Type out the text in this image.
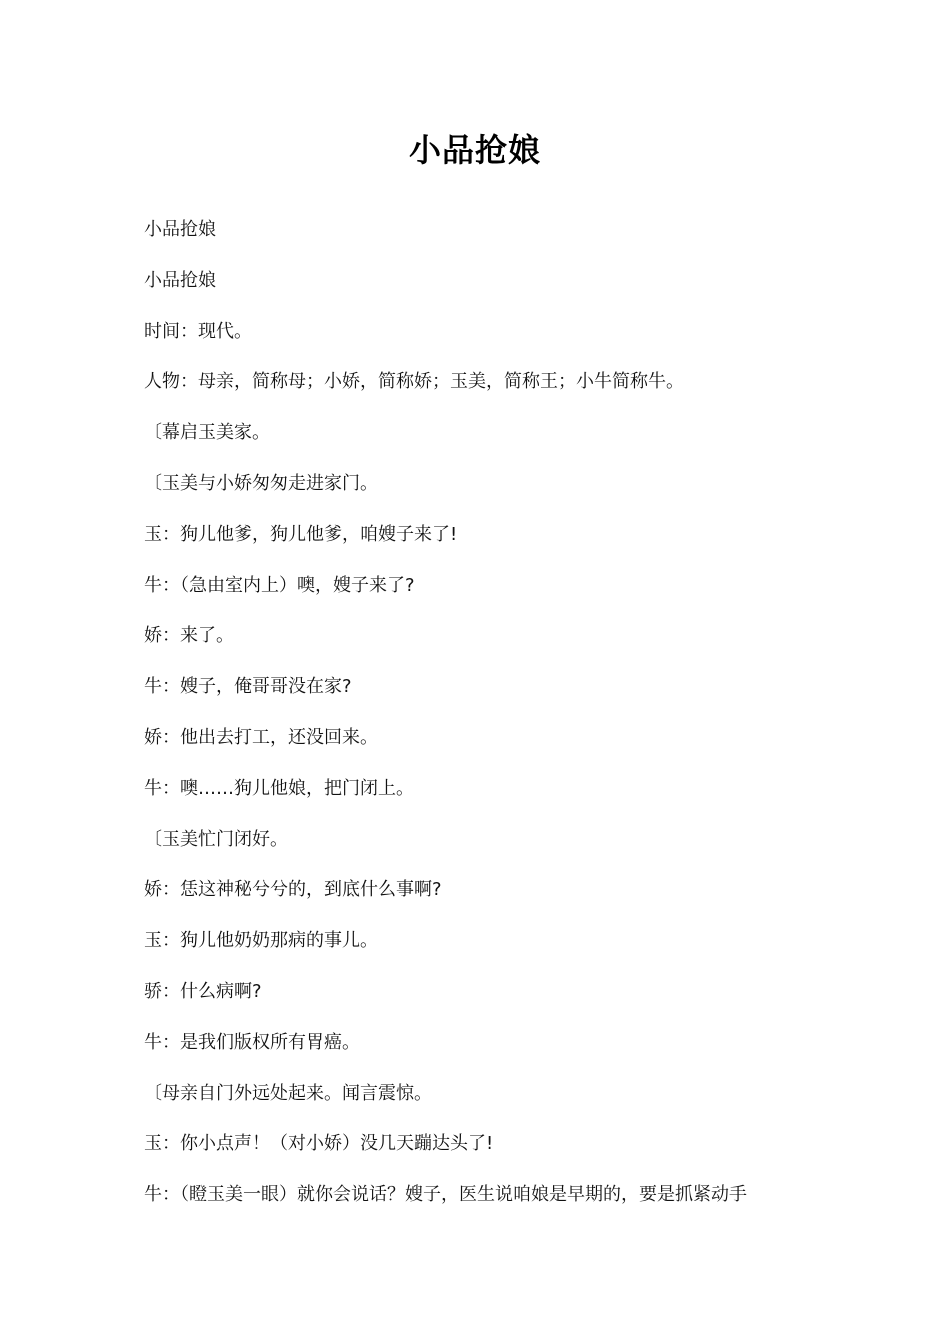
小品抢娘
小品抢娘
小品抢娘
时间：现代。
人物：母亲，简称母；小娇，简称娇；玉美，简称王；小牛简称牛。
〔幕启玉美家。
〔玉美与小娇匆匆走进家门。
玉：狗儿他爹，狗儿他爹，咱嫂子来了!
牛：（急由室内上）噢，嫂子来了?
娇：来了。
牛：嫂子，俺哥哥没在家?
娇：他出去打工，还没回来。
牛：噢……狗儿他娘，把门闭上。
〔玉美忙门闭好。
娇：恁这神秘兮兮的，到底什么事啊?
玉：狗儿他奶奶那病的事儿。
骄：什么病啊?
牛：是我们版权所有胃癌。
〔母亲自门外远处起来。闻言震惊。
玉：你小点声！（对小娇）没几天蹦达头了!
牛：（瞪玉美一眼）就你会说话？嫂子，医生说咱娘是早期的，要是抓紧动手
